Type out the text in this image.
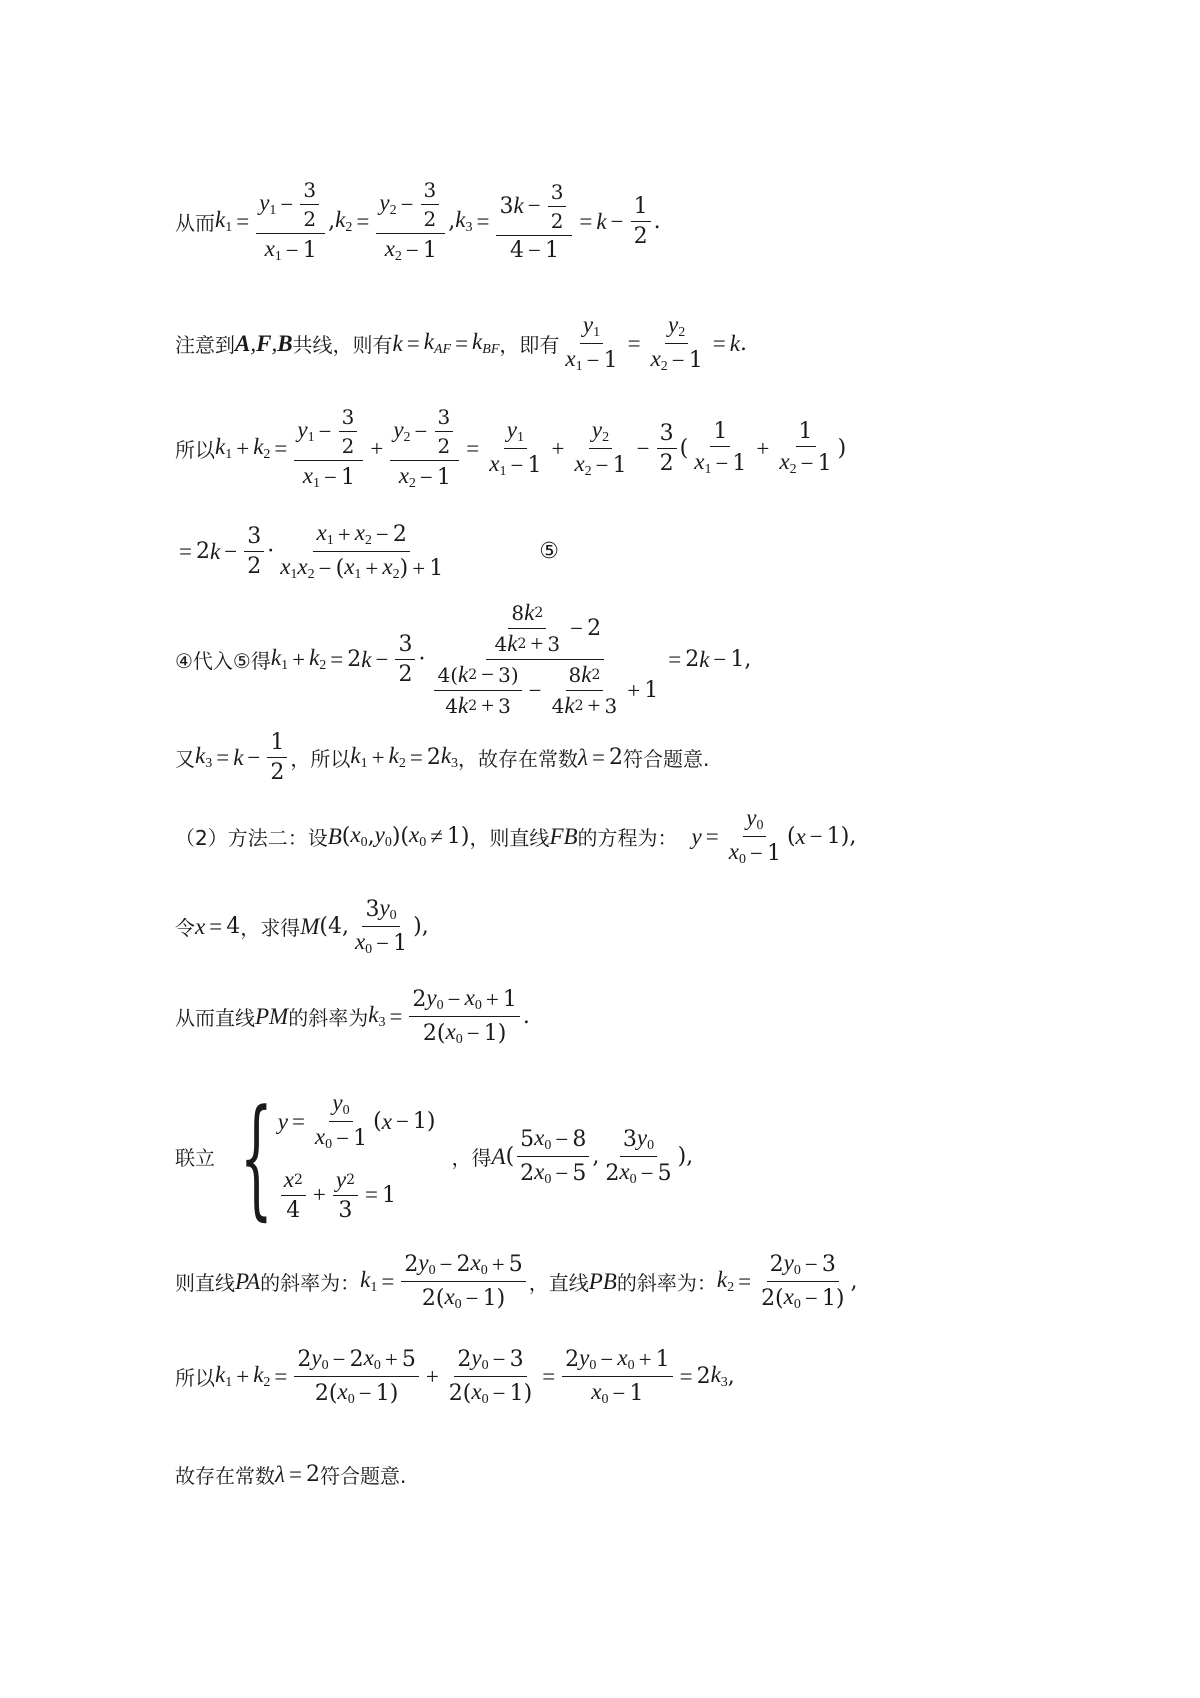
从而 $k_1 = \frac{y_1 - \frac{3}{2}}{x_1 - 1}$ , $k_2 = \frac{y_2 - \frac{3}{2}}{x_2 - 1}$ , $k_3 = \frac{3 k - \frac{3}{2}}{4 - 1} = k - \frac{1}{2}$ .
注意到 A,F,B 共线，则有 $k = k_{AF} = k_{BF}$ ，即有 $\frac{y_1}{x_1 - 1} = \frac{y_2}{x_2 - 1} = k$ .
所以 $k_1 + k_2 = \frac{y_1 - \frac{3}{2}}{x_1 - 1} + \frac{y_2 - \frac{3}{2}}{x_2 - 1} = \frac{y_1}{x_1 - 1} + \frac{y_2}{x_2 - 1} - \frac{3}{2}$ ( $\frac{1}{x_1 - 1} + \frac{1}{x_2 - 1}$ )
= 2 $k - \frac{3}{2} \cdot \frac{x_1 + x_2 - 2}{x_1x_2 - ( x_1 + x_2 ) + 1}$	⑤
④代入⑤得 $k_1 + k_2 = 2$ $k - \frac{3}{2} \cdot \frac{\frac{8 k 2}{4 k 2 + 3} - 2}{\frac{4( k 2 - 3)}{4 k 2 + 3} - \frac{8 k 2}{4 k 2 + 3} + 1} = 2$ k − 1 ,
又 $k_3 = k - \frac{1}{2}$ ，所以 $k_1 + k_2 = 2$ $k_3$ ，故存在常数 λ = 2 符合题意.
（2）方法二：设 B ( $x_0$ , $y_0$ )( $x_0 \ne 1$) ，则直线 FB 的方程为： $y = \frac{y_0}{x_0 - 1}$ ( x − 1) ,
令 x = 4 ，求得 M (4, $\frac{3 y_0}{x_0 - 1}$ ) ,
从而直线 PM 的斜率为 $k_3 = \frac{2 y_0 - x_0 + 1}{2( x_0 - 1)}$ .
联立 { $y = \frac{y_0}{x_0 - 1}$ ( x − 1)
$\frac{x 2}{4} + \frac{y 2}{3} = 1$
，得 A ( $\frac{5 x_0 - 8}{2 x_0 - 5}$ , $\frac{3 y_0}{2 x_0 - 5}$ ) ,
则直线 PA 的斜率为： $k_1 = \frac{2 y_0 - 2 x_0 + 5}{2( x_0 - 1)}$ ，直线 PB 的斜率为： $k_2 = \frac{2 y_0 - 3}{2( x_0 - 1)}$ ,
所以 $k_1 + k_2 = \frac{2 y_0 - 2 x_0 + 5}{2( x_0 - 1)} + \frac{2 y_0 - 3}{2( x_0 - 1)} = \frac{2 y_0 - x_0 + 1}{x_0 - 1} = 2$ $k_3$ ,
故存在常数 λ = 2 符合题意.
